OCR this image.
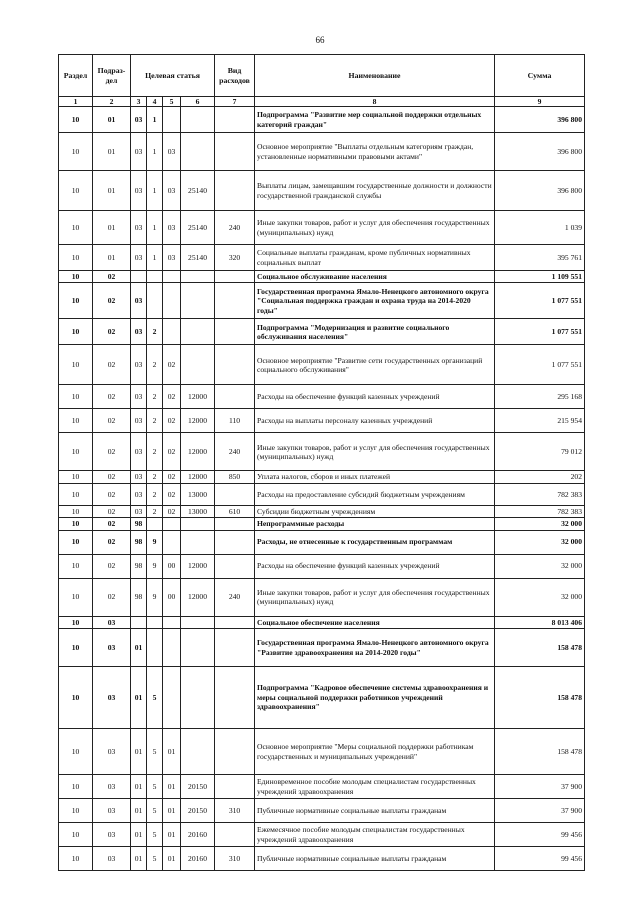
66
Раздел	Подраз-дел	Целевая статья				Вид расходов	Наименование	Сумма
1	2	3	4	5	6	7	8	9
10	01	03	1				Подпрограмма "Развитие мер социальной поддержки отдельных категорий граждан"	396 800
10	01	03	1	03			Основное мероприятие "Выплаты отдельным категориям граждан, установленные нормативными правовыми актами"	396 800
10	01	03	1	03	25140		Выплаты лицам, замещавшим государственные должности и должности государственной гражданской службы	396 800
10	01	03	1	03	25140	240	Иные закупки товаров, работ и услуг для обеспечения государственных (муниципальных) нужд	1 039
10	01	03	1	03	25140	320	Социальные выплаты гражданам, кроме публичных нормативных социальных выплат	395 761
10	02						Социальное обслуживание населения	1 109 551
10	02	03					Государственная программа Ямало-Ненецкого автономного округа "Социальная поддержка граждан и охрана труда на 2014-2020 годы"	1 077 551
10	02	03	2				Подпрограмма "Модернизация и развитие социального обслуживания населения"	1 077 551
10	02	03	2	02			Основное мероприятие "Развитие сети государственных организаций социального обслуживания"	1 077 551
10	02	03	2	02	12000		Расходы на обеспечение функций казенных учреждений	295 168
10	02	03	2	02	12000	110	Расходы на выплаты персоналу казенных учреждений	215 954
10	02	03	2	02	12000	240	Иные закупки товаров, работ и услуг для обеспечения государственных (муниципальных) нужд	79 012
10	02	03	2	02	12000	850	Уплата налогов, сборов и иных платежей	202
10	02	03	2	02	13000		Расходы на предоставление субсидий бюджетным учреждениям	782 383
10	02	03	2	02	13000	610	Субсидии бюджетным учреждениям	782 383
10	02	98					Непрограммные расходы	32 000
10	02	98	9				Расходы, не отнесенные к государственным программам	32 000
10	02	98	9	00	12000		Расходы на обеспечение функций казенных учреждений	32 000
10	02	98	9	00	12000	240	Иные закупки товаров, работ и услуг для обеспечения государственных (муниципальных) нужд	32 000
10	03						Социальное обеспечение населения	8 013 406
10	03	01					Государственная программа Ямало-Ненецкого автономного округа "Развитие здравоохранения на 2014-2020 годы"	158 478
10	03	01	5				Подпрограмма "Кадровое обеспечение системы здравоохранения и меры социальной поддержки работников учреждений здравоохранения"	158 478
10	03	01	5	01			Основное мероприятие "Меры социальной поддержки работникам государственных и муниципальных учреждений"	158 478
10	03	01	5	01	20150		Единовременное пособие молодым специалистам государственных учреждений здравоохранения	37 900
10	03	01	5	01	20150	310	Публичные нормативные социальные выплаты гражданам	37 900
10	03	01	5	01	20160		Ежемесячное пособие молодым специалистам государственных учреждений здравоохранения	99 456
10	03	01	5	01	20160	310	Публичные нормативные социальные выплаты гражданам	99 456
